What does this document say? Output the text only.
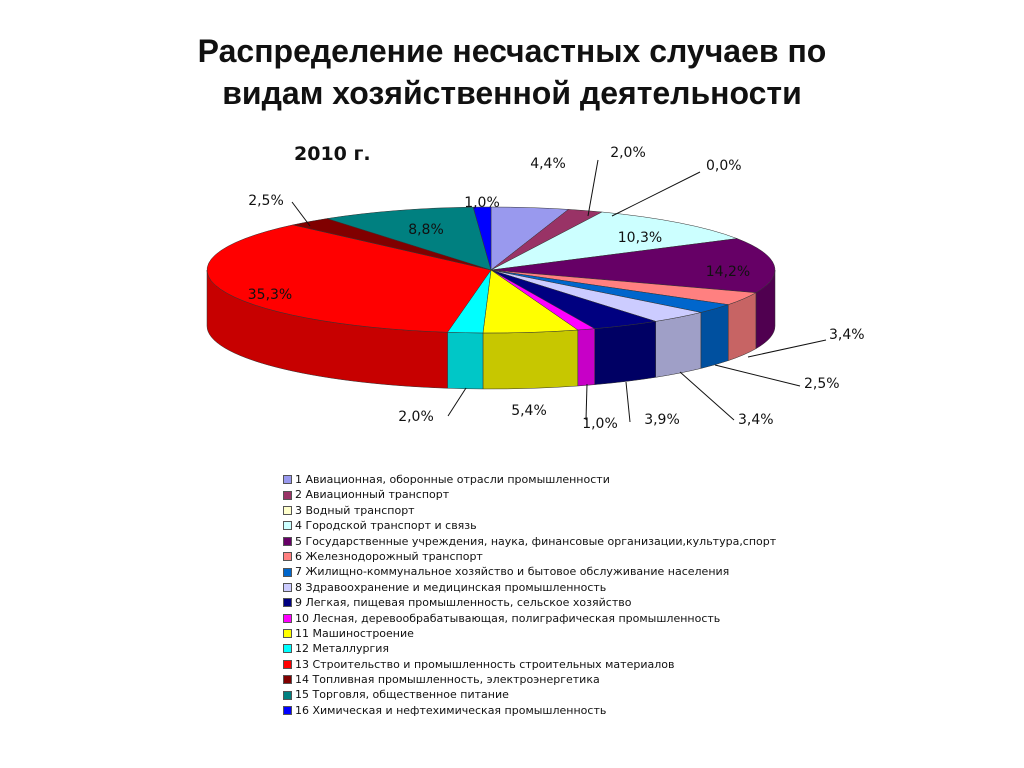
Распределение несчастных случаев по
видам хозяйственной деятельности
2010 г.	4,4%
2,0%
0,0%
10,3%
14,2%
3,4%
2,5%
3,4%
3,9%
1,0%
5,4%
2,0%
35,3%
2,5%
8,8%
1,0%
1 Авиационная, оборонные отрасли промышленности
2 Авиационный транспорт
3 Водный транспорт
4 Городской транспорт и связь
5 Государственные учреждения, наука, финансовые организации,культура,спорт
6 Железнодорожный транспорт
7 Жилищно-коммунальное хозяйство и бытовое обслуживание населения
8 Здравоохранение и медицинская промышленность
9 Легкая, пищевая промышленность, сельское хозяйство
10 Лесная, деревообрабатывающая, полиграфическая промышленность
11 Машиностроение
12 Металлургия
13 Строительство и промышленность строительных материалов
14 Топливная промышленность, электроэнергетика
15 Торговля, общественное питание
16 Химическая и нефтехимическая промышленность
